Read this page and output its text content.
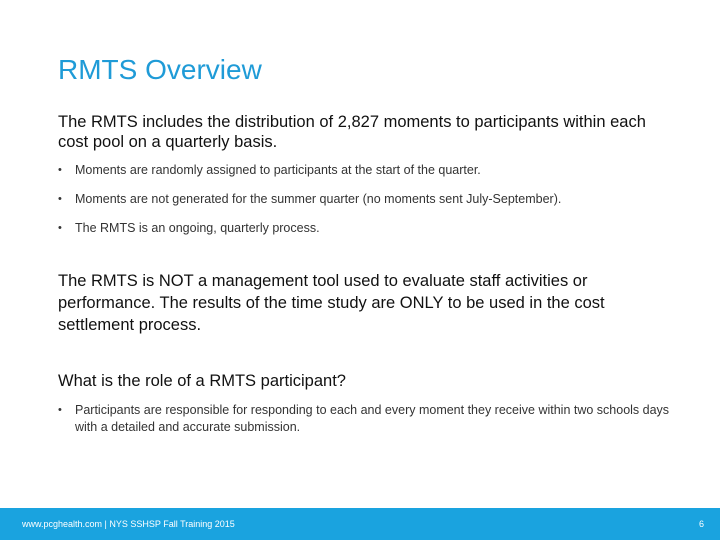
RMTS Overview
The RMTS includes the distribution of 2,827 moments to participants within each cost pool on a quarterly basis.
• Moments are randomly assigned to participants at the start of the quarter.
• Moments are not generated for the summer quarter (no moments sent July-September).
• The RMTS is an ongoing, quarterly process.
The RMTS is NOT a management tool used to evaluate staff activities or performance. The results of the time study are ONLY to be used in the cost settlement process.
What is the role of a RMTS participant?
• Participants are responsible for responding to each and every moment they receive within two schools days with a detailed and accurate submission.
www.pcghealth.com | NYS SSHSP Fall Training 2015	6
